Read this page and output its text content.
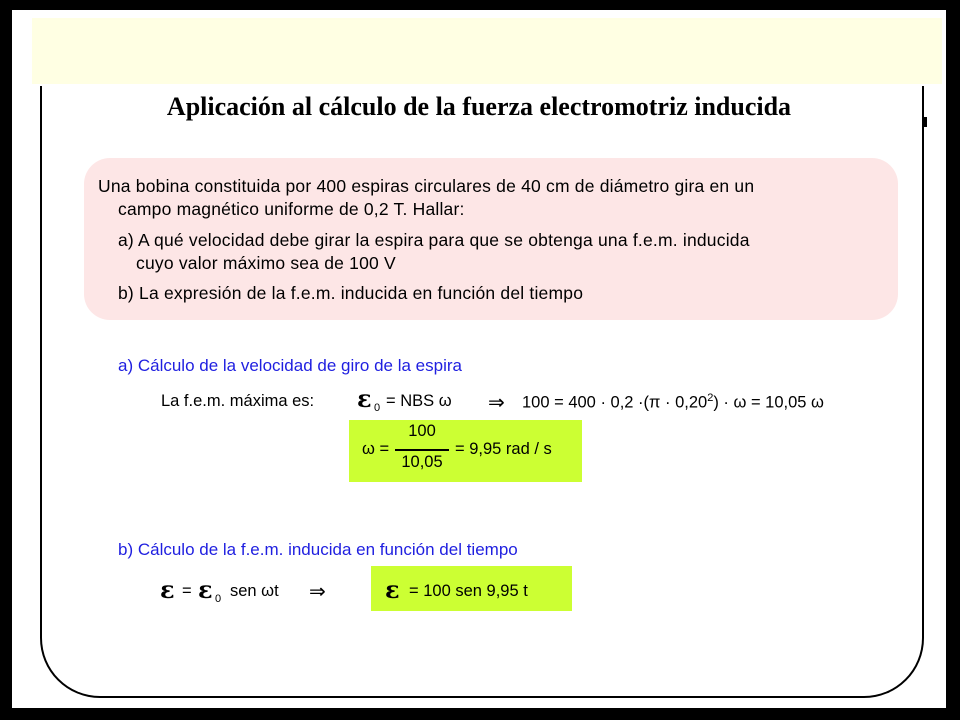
Aplicación al cálculo de la fuerza electromotriz inducida
Una bobina constituida por 400 espiras circulares de 40 cm de diámetro gira en un
campo magnético uniforme de 0,2 T. Hallar:
a) A qué velocidad debe girar la espira para que se obtenga una f.e.m. inducida
cuyo valor máximo sea de 100 V
b) La expresión de la f.e.m. inducida en función del tiempo
a) Cálculo de la velocidad de giro de la espira
La f.e.m. máxima es: ε 0 = NBS ω ⇒ $100 = 400 \cdot 0,2 \cdot(\pi \cdot 0,20^2) \cdot \omega = 10,05$ ω
ω =
100
10,05
= 9,95 rad / s
b) Cálculo de la f.e.m. inducida en función del tiempo
ε = ε 0 sen ωt ⇒ ε = 100 sen 9,95 t
